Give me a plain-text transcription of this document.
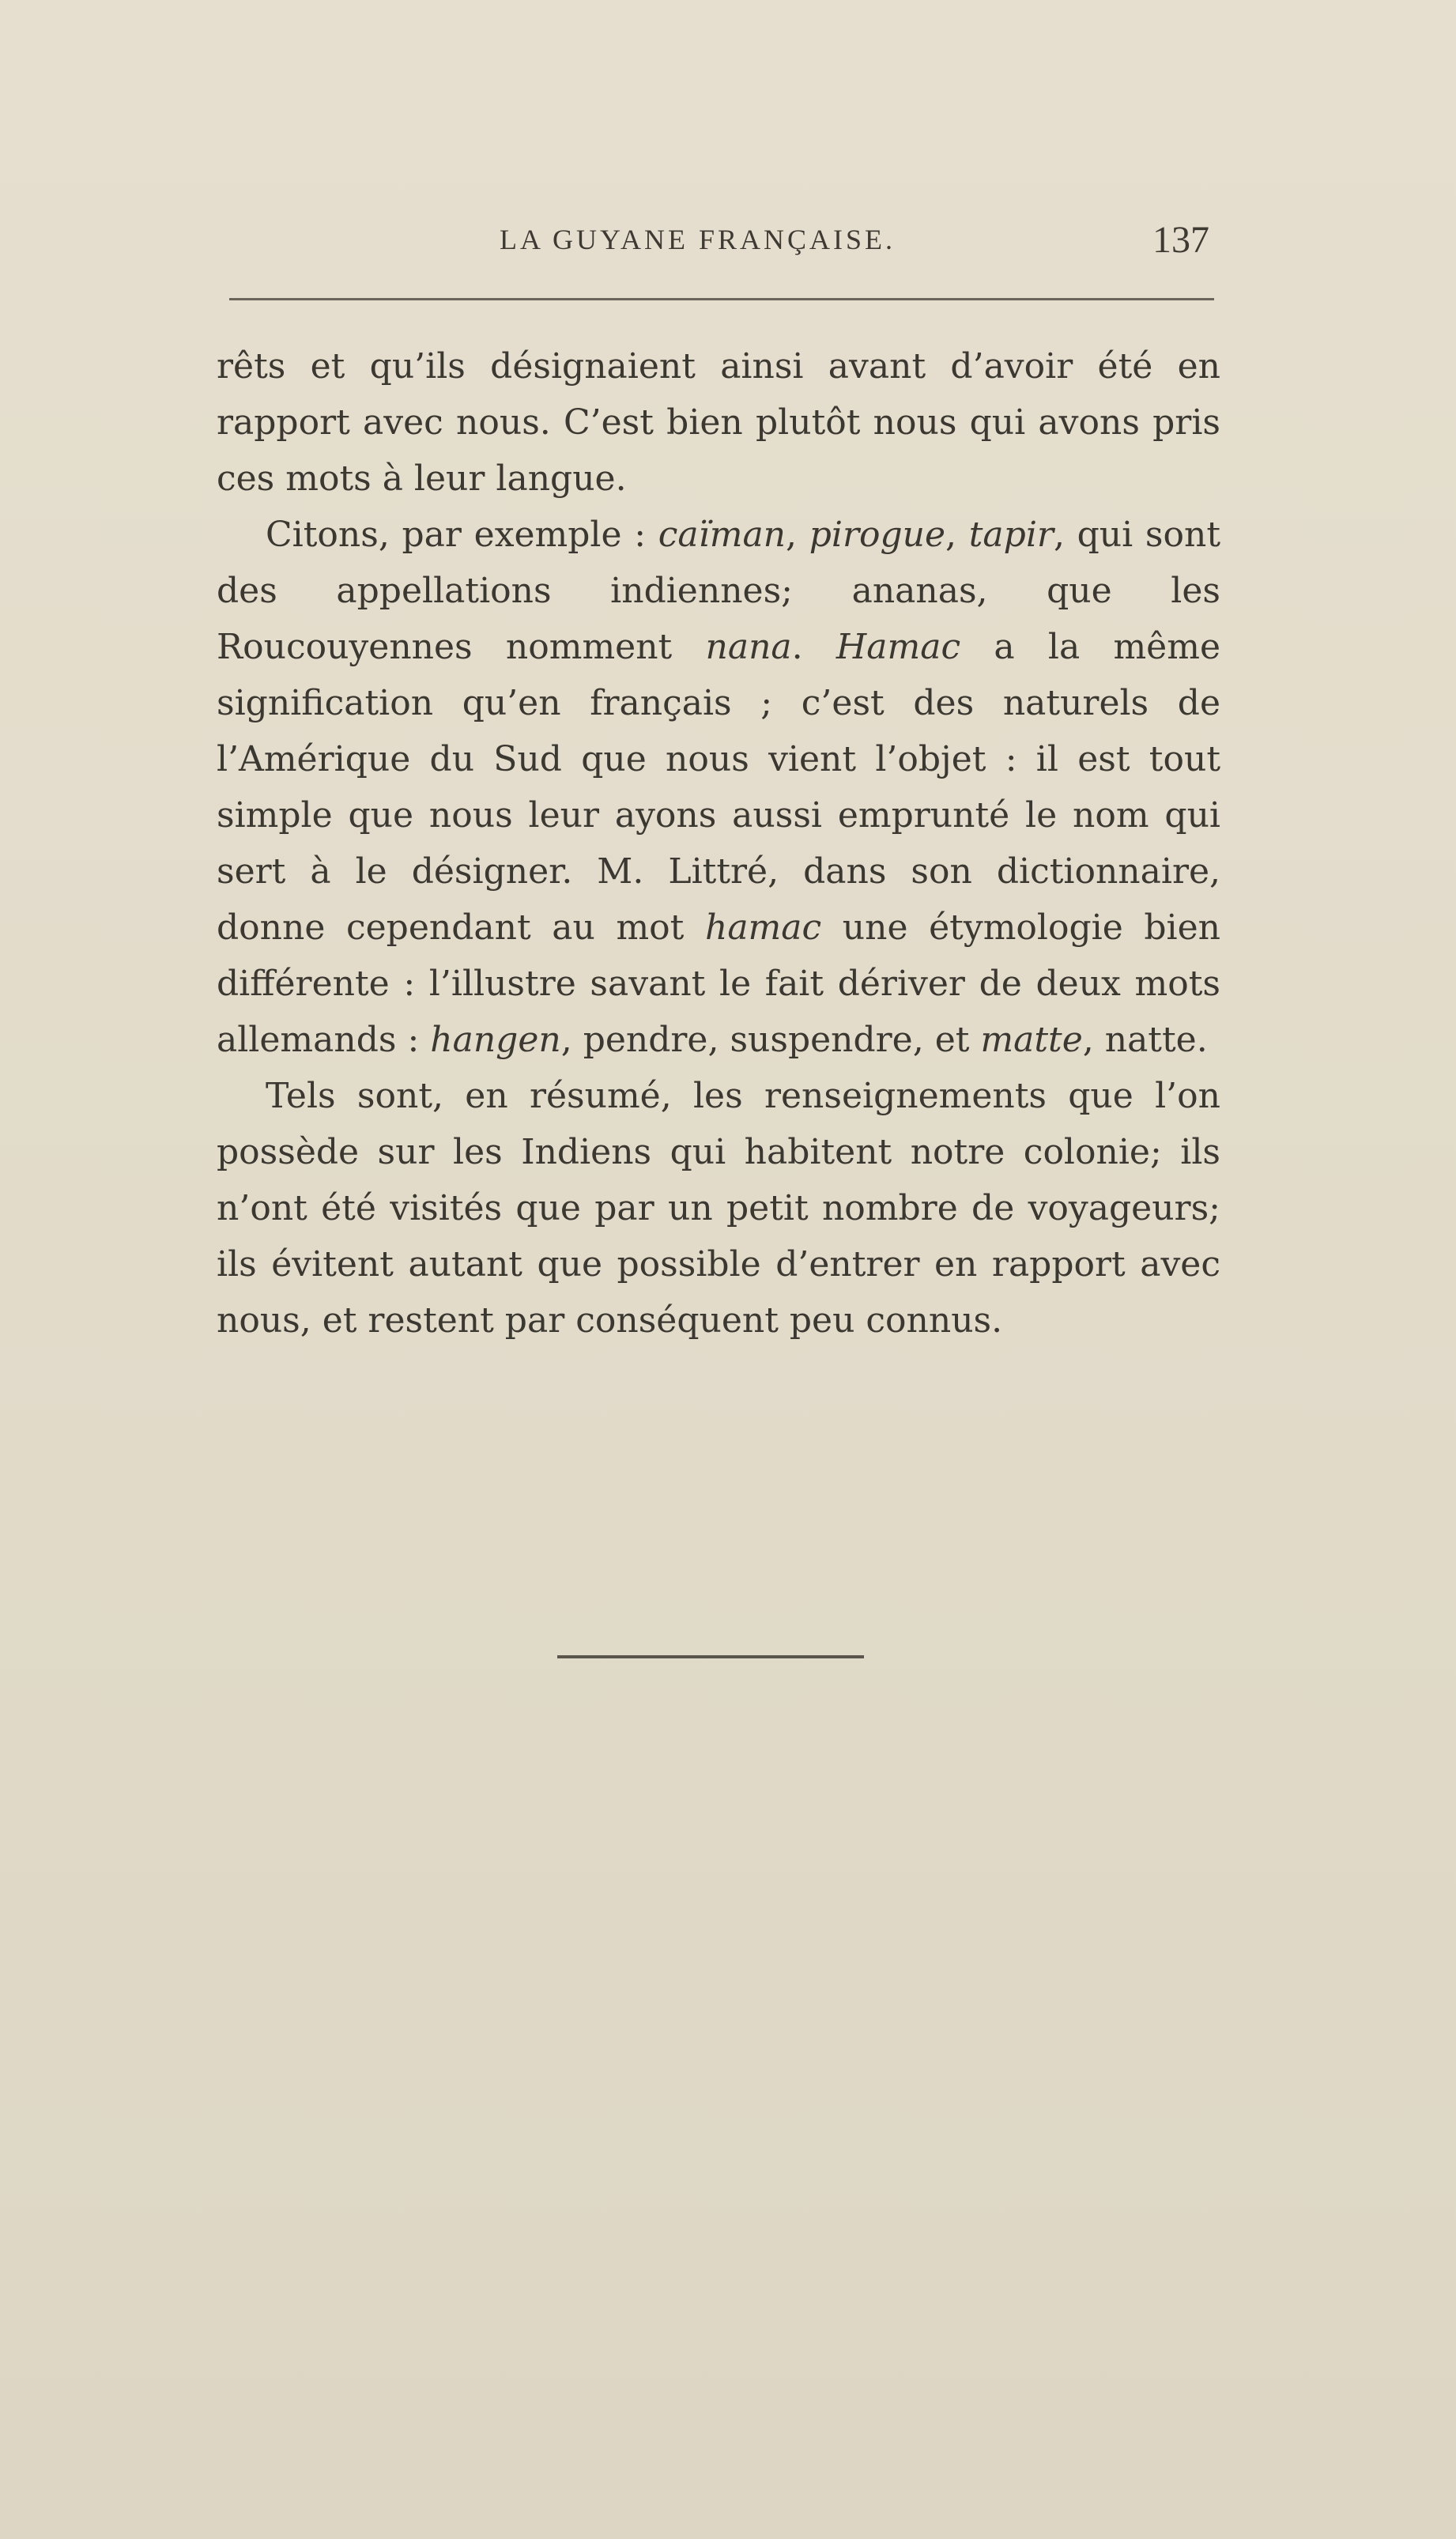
LA GUYANE FRANÇAISE.	137

rêts et qu’ils désignaient ainsi avant d’avoir été en rapport avec nous. C’est bien plutôt nous qui avons pris ces mots à leur langue.

Citons, par exemple : caïman, pirogue, tapir, qui sont des appellations indiennes; ananas, que les Roucouyennes nomment nana. Hamac a la même signification qu’en français ; c’est des naturels de l’Amérique du Sud que nous vient l’objet : il est tout simple que nous leur ayons aussi emprunté le nom qui sert à le désigner. M. Littré, dans son dictionnaire, donne cependant au mot hamac une étymologie bien différente : l’illustre savant le fait dériver de deux mots allemands : hangen, pendre, suspendre, et matte, natte.

Tels sont, en résumé, les renseignements que l’on possède sur les Indiens qui habitent notre colonie; ils n’ont été visités que par un petit nombre de voyageurs; ils évitent autant que possible d’entrer en rapport avec nous, et restent par conséquent peu connus.
